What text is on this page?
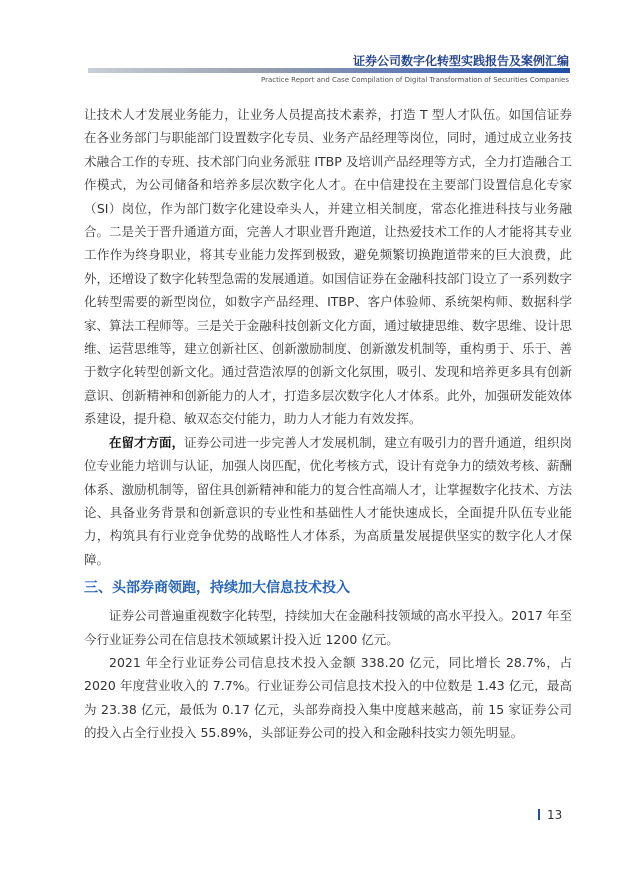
证券公司数字化转型实践报告及案例汇编
Practice Report and Case Compilation of Digital Transformation of Securities Companies

让技术人才发展业务能力，让业务人员提高技术素养，打造 T 型人才队伍。如国信证券在各业务部门与职能部门设置数字化专员、业务产品经理等岗位，同时，通过成立业务技术融合工作的专班、技术部门向业务派驻 ITBP 及培训产品经理等方式，全力打造融合工作模式，为公司储备和培养多层次数字化人才。在中信建投在主要部门设置信息化专家（SI）岗位，作为部门数字化建设牵头人，并建立相关制度，常态化推进科技与业务融合。二是关于晋升通道方面，完善人才职业晋升跑道，让热爱技术工作的人才能将其专业工作作为终身职业，将其专业能力发挥到极致，避免频繁切换跑道带来的巨大浪费，此外，还增设了数字化转型急需的发展通道。如国信证券在金融科技部门设立了一系列数字化转型需要的新型岗位，如数字产品经理、ITBP、客户体验师、系统架构师、数据科学家、算法工程师等。三是关于金融科技创新文化方面，通过敏捷思维、数字思维、设计思维、运营思维等，建立创新社区、创新激励制度、创新激发机制等，重构勇于、乐于、善于数字化转型创新文化。通过营造浓厚的创新文化氛围，吸引、发现和培养更多具有创新意识、创新精神和创新能力的人才，打造多层次数字化人才体系。此外，加强研发能效体系建设，提升稳、敏双态交付能力，助力人才能力有效发挥。

在留才方面，证券公司进一步完善人才发展机制，建立有吸引力的晋升通道，组织岗位专业能力培训与认证，加强人岗匹配，优化考核方式，设计有竞争力的绩效考核、薪酬体系、激励机制等，留住具创新精神和能力的复合性高端人才，让掌握数字化技术、方法论、具备业务背景和创新意识的专业性和基础性人才能快速成长，全面提升队伍专业能力，构筑具有行业竞争优势的战略性人才体系，为高质量发展提供坚实的数字化人才保障。

三、头部券商领跑，持续加大信息技术投入

证券公司普遍重视数字化转型，持续加大在金融科技领域的高水平投入。2017 年至今行业证券公司在信息技术领域累计投入近 1200 亿元。

2021 年全行业证券公司信息技术投入金额 338.20 亿元，同比增长 28.7%，占 2020 年度营业收入的 7.7%。行业证券公司信息技术投入的中位数是 1.43 亿元，最高为 23.38 亿元，最低为 0.17 亿元，头部券商投入集中度越来越高，前 15 家证券公司的投入占全行业投入 55.89%，头部证券公司的投入和金融科技实力领先明显。

13
